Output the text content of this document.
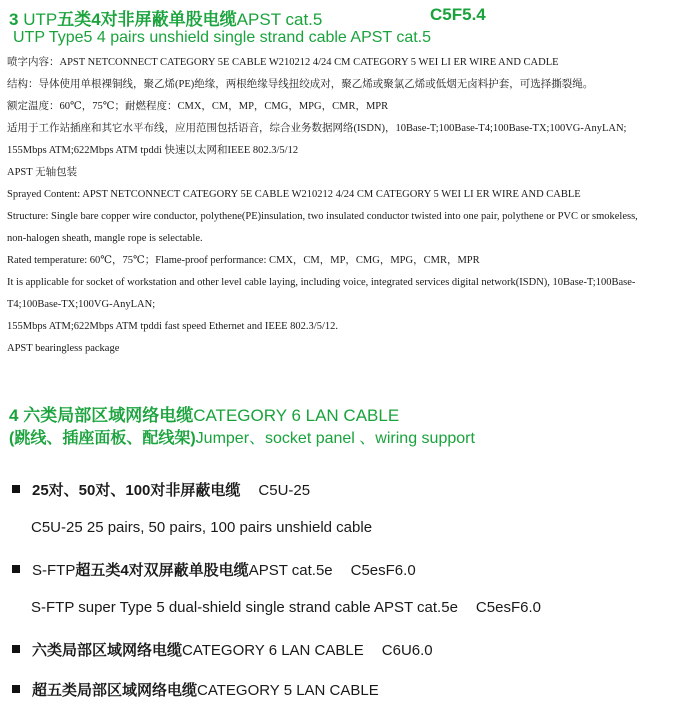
3 UTP五类4对非屏蔽单股电缆APST cat.5	C5F5.4
UTP Type5 4 pairs unshield single strand cable APST cat.5
喷字内容：APST NETCONNECT CATEGORY 5E CABLE W210212 4/24 CM CATEGORY 5 WEI LI ER WIRE AND CADLE
结构：导体使用单根裸铜线，聚乙烯(PE)绝缘，两根绝缘导线扭绞成对，聚乙烯或聚氯乙烯或低烟无卤料护套，可选择撕裂绳。
额定温度：60℃，75℃；耐燃程度：CMX，CM，MP，CMG，MPG，CMR，MPR
适用于工作站插座和其它水平布线，应用范围包括语音，综合业务数据网络(ISDN)，10Base-T;100Base-T4;100Base-TX;100VG-AnyLAN;
155Mbps ATM;622Mbps ATM tpddi 快速以太网和IEEE 802.3/5/12
APST 无轴包装
Sprayed Content: APST NETCONNECT CATEGORY 5E CABLE W210212 4/24 CM CATEGORY 5 WEI LI ER WIRE AND CABLE
Structure: Single bare copper wire conductor, polythene(PE)insulation, two insulated conductor twisted into one pair, polythene or PVC or smokeless,
non-halogen sheath, mangle rope is selectable.
Rated temperature: 60℃，75℃；Flame-proof performance: CMX，CM，MP，CMG，MPG，CMR，MPR
It is applicable for socket of workstation and other level cable laying, including voice, integrated services digital network(ISDN), 10Base-T;100Base-
T4;100Base-TX;100VG-AnyLAN;
155Mbps ATM;622Mbps ATM tpddi fast speed Ethernet and IEEE 802.3/5/12.
APST bearingless package
4 六类局部区域网络电缆CATEGORY 6 LAN CABLE
(跳线、插座面板、配线架)Jumper、socket panel 、wiring support
25对、50对、100对非屏蔽电缆 C5U-25
C5U-25 25 pairs, 50 pairs, 100 pairs unshield cable
S-FTP超五类4对双屏蔽单股电缆APST cat.5e C5esF6.0
S-FTP super Type 5 dual-shield single strand cable APST cat.5e C5esF6.0
六类局部区域网络电缆CATEGORY 6 LAN CABLE C6U6.0
超五类局部区域网络电缆CATEGORY 5 LAN CABLE
